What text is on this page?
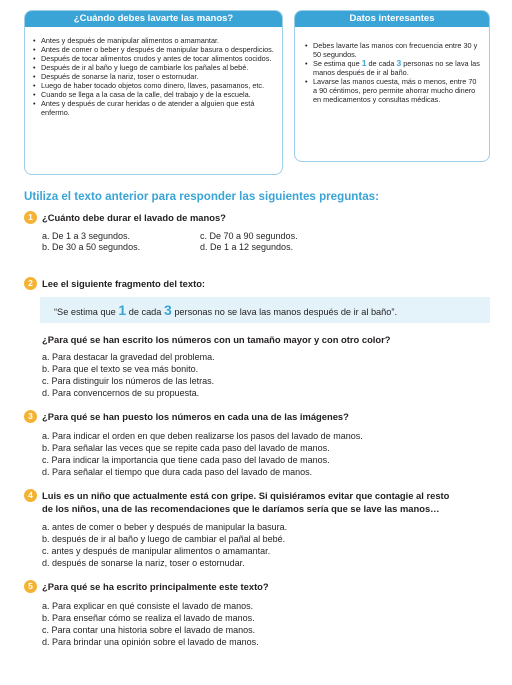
¿Cuándo debes lavarte las manos?
• Antes y después de manipular alimentos o amamantar.
• Antes de comer o beber y después de manipular basura o desperdicios.
• Después de tocar alimentos crudos y antes de tocar alimentos cocidos.
• Después de ir al baño y luego de cambiarle los pañales al bebé.
• Después de sonarse la nariz, toser o estornudar.
• Luego de haber tocado objetos como dinero, llaves, pasamanos, etc.
• Cuando se llega a la casa de la calle, del trabajo y de la escuela.
• Antes y después de curar heridas o de atender a alguien que está enfermo.
Datos interesantes
• Debes lavarte las manos con frecuencia entre 30 y 50 segundos.
• Se estima que 1 de cada 3 personas no se lava las manos después de ir al baño.
• Lavarse las manos cuesta, más o menos, entre 70 a 90 céntimos, pero permite ahorrar mucho dinero en medicamentos y consultas médicas.
Utiliza el texto anterior para responder las siguientes preguntas:
1 ¿Cuánto debe durar el lavado de manos?
a. De 1 a 3 segundos.
b. De 30 a 50 segundos.
c. De 70 a 90 segundos.
d. De 1 a 12 segundos.
2 Lee el siguiente fragmento del texto:
“Se estima que 1 de cada 3 personas no se lava las manos después de ir al baño”.
¿Para qué se han escrito los números con un tamaño mayor y con otro color?
a. Para destacar la gravedad del problema.
b. Para que el texto se vea más bonito.
c. Para distinguir los números de las letras.
d. Para convencernos de su propuesta.
3 ¿Para qué se han puesto los números en cada una de las imágenes?
a. Para indicar el orden en que deben realizarse los pasos del lavado de manos.
b. Para señalar las veces que se repite cada paso del lavado de manos.
c. Para indicar la importancia que tiene cada paso del lavado de manos.
d. Para señalar el tiempo que dura cada paso del lavado de manos.
4 Luis es un niño que actualmente está con gripe. Si quisiéramos evitar que contagie al resto
de los niños, una de las recomendaciones que le daríamos sería que se lave las manos…
a. antes de comer o beber y después de manipular la basura.
b. después de ir al baño y luego de cambiar el pañal al bebé.
c. antes y después de manipular alimentos o amamantar.
d. después de sonarse la nariz, toser o estornudar.
5 ¿Para qué se ha escrito principalmente este texto?
a. Para explicar en qué consiste el lavado de manos.
b. Para enseñar cómo se realiza el lavado de manos.
c. Para contar una historia sobre el lavado de manos.
d. Para brindar una opinión sobre el lavado de manos.
